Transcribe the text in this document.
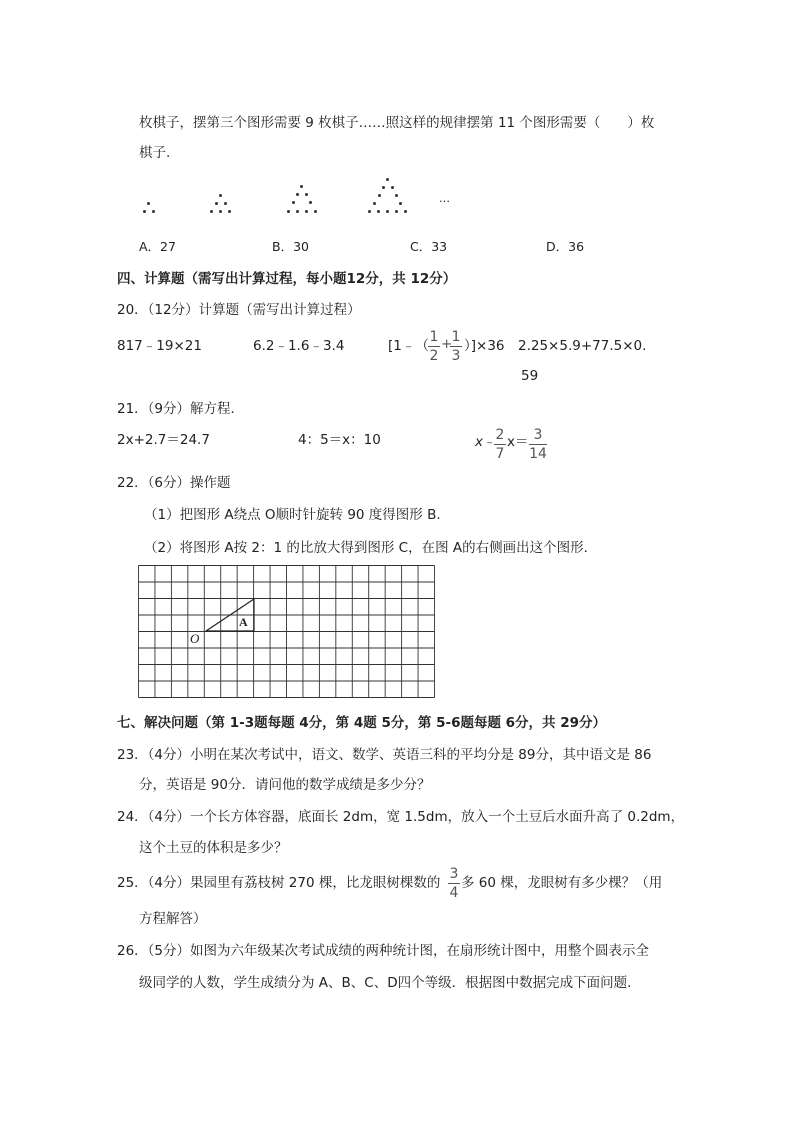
枚棋子，摆第三个图形需要 9 枚棋子……照这样的规律摆第 11 个图形需要（　　）枚
棋子.
…
A．27	B．30	C．33	D．36
四、计算题（需写出计算过程，每小题12分，共 12分）
20．（12分）计算题（需写出计算过程）
817﹣19×21	6.2﹣1.6﹣3.4	[1﹣（
1
2
+ 1
3
）]×36 2.25×5.9+77.5×0.
59
21．（9分）解方程．
2x+2.7＝24.7	4：5＝x：10	x ﹣ 2
7
x＝ 3
14
22．（6分）操作题
（1）把图形 A绕点 O顺时针旋转 90 度得图形 B.
（2）将图形 A按 2：1 的比放大得到图形 C，在图 A的右侧画出这个图形．
O
A
七、解决问题（第 1-3题每题 4分，第 4题 5分，第 5-6题每题 6分，共 29分）
23．（4分）小明在某次考试中，语文、数学、英语三科的平均分是 89分，其中语文是 86
分，英语是 90分．请问他的数学成绩是多少分？
24．（4分）一个长方体容器，底面长 2dm，宽 1.5dm，放入一个土豆后水面升高了 0.2dm，
这个土豆的体积是多少？
25．（4分）果园里有荔枝树 270 棵，比龙眼树棵数的
3
4
多 60 棵，龙眼树有多少棵？（用
方程解答）
26．（5分）如图为六年级某次考试成绩的两种统计图，在扇形统计图中，用整个圆表示全
级同学的人数，学生成绩分为 A、B、C、D四个等级．根据图中数据完成下面问题．
